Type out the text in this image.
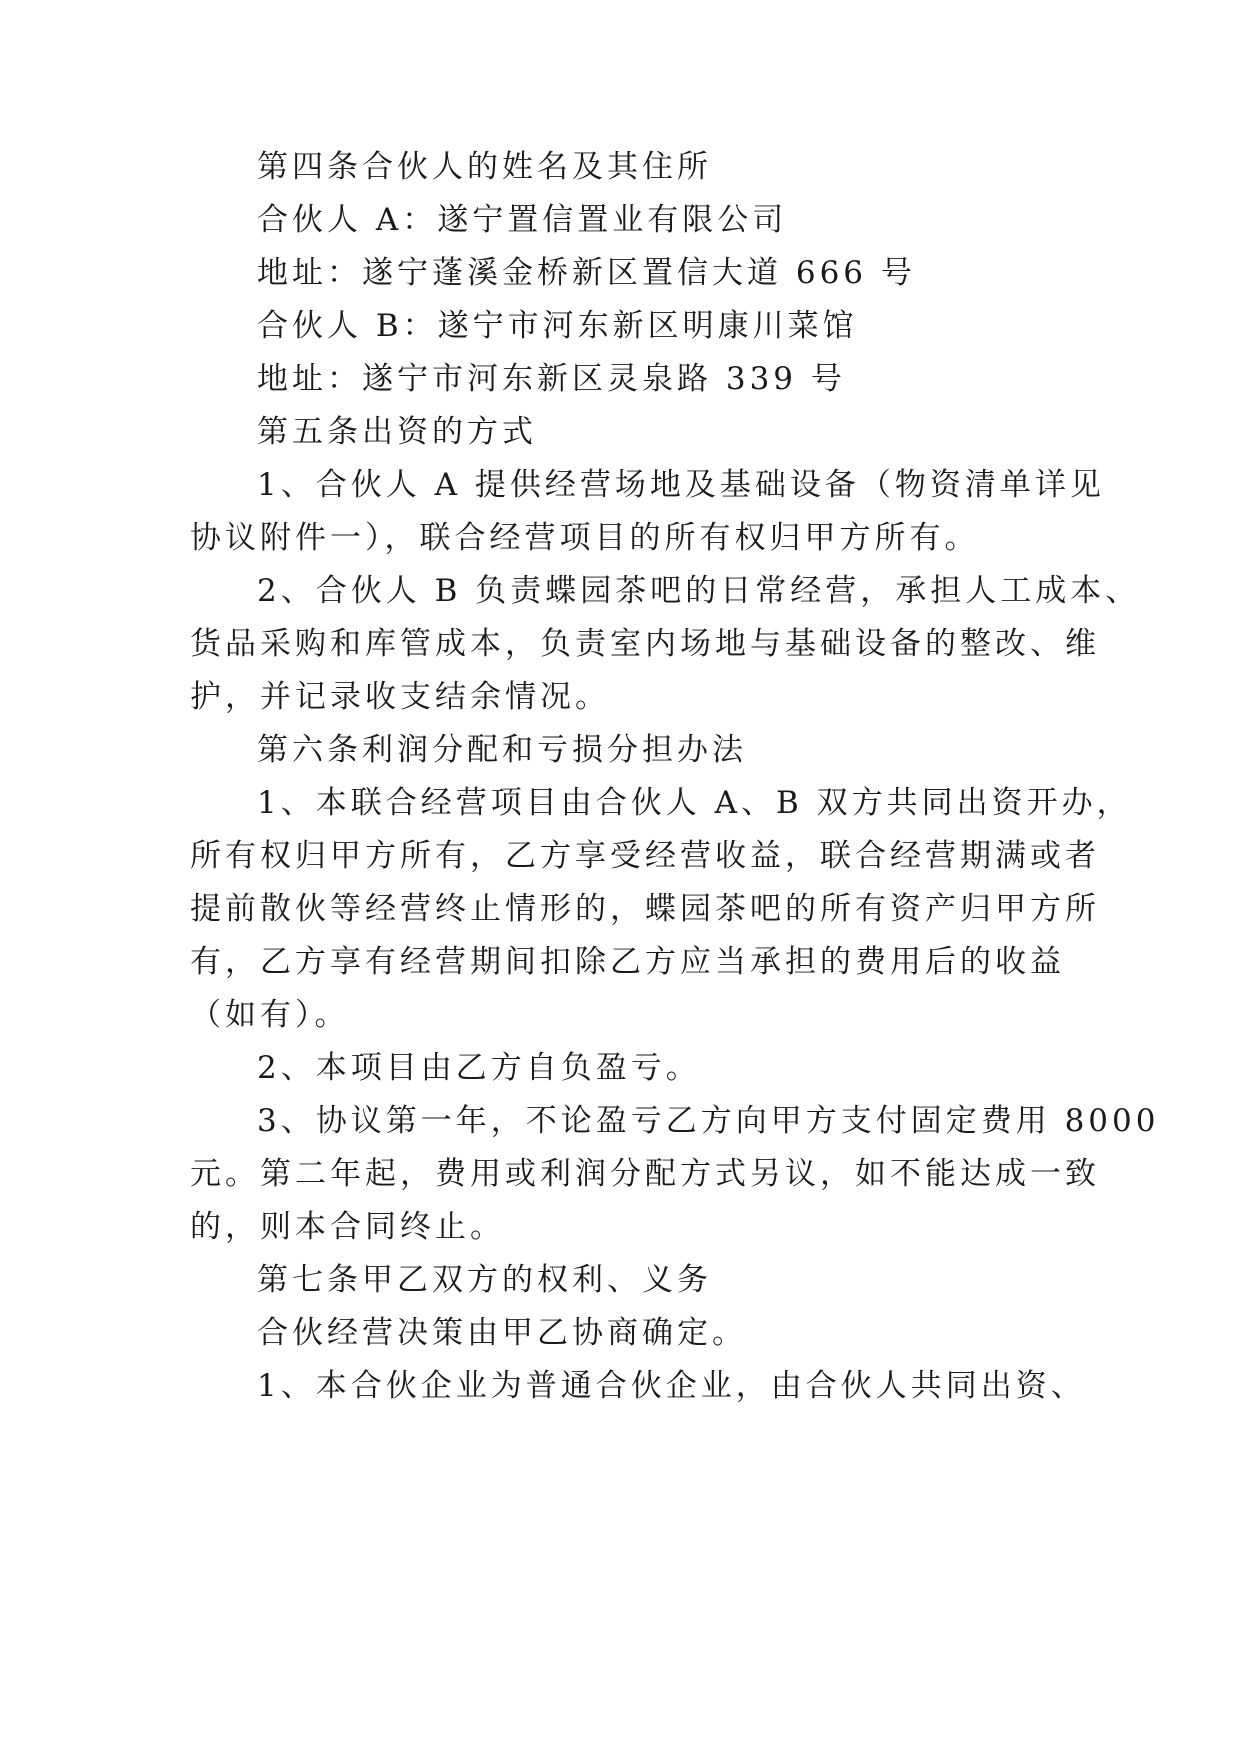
第四条合伙人的姓名及其住所
合伙人 A：遂宁置信置业有限公司
地址：遂宁蓬溪金桥新区置信大道 666 号
合伙人 B：遂宁市河东新区明康川菜馆
地址：遂宁市河东新区灵泉路 339 号
第五条出资的方式
1、合伙人 A 提供经营场地及基础设备（物资清单详见
协议附件一），联合经营项目的所有权归甲方所有。
2、合伙人 B 负责蝶园茶吧的日常经营，承担人工成本、
货品采购和库管成本，负责室内场地与基础设备的整改、维
护，并记录收支结余情况。
第六条利润分配和亏损分担办法
1、本联合经营项目由合伙人 A、B 双方共同出资开办，
所有权归甲方所有，乙方享受经营收益，联合经营期满或者
提前散伙等经营终止情形的，蝶园茶吧的所有资产归甲方所
有，乙方享有经营期间扣除乙方应当承担的费用后的收益
（如有）。
2、本项目由乙方自负盈亏。
3、协议第一年，不论盈亏乙方向甲方支付固定费用 8000
元。第二年起，费用或利润分配方式另议，如不能达成一致
的，则本合同终止。
第七条甲乙双方的权利、义务
合伙经营决策由甲乙协商确定。
1、本合伙企业为普通合伙企业，由合伙人共同出资、
